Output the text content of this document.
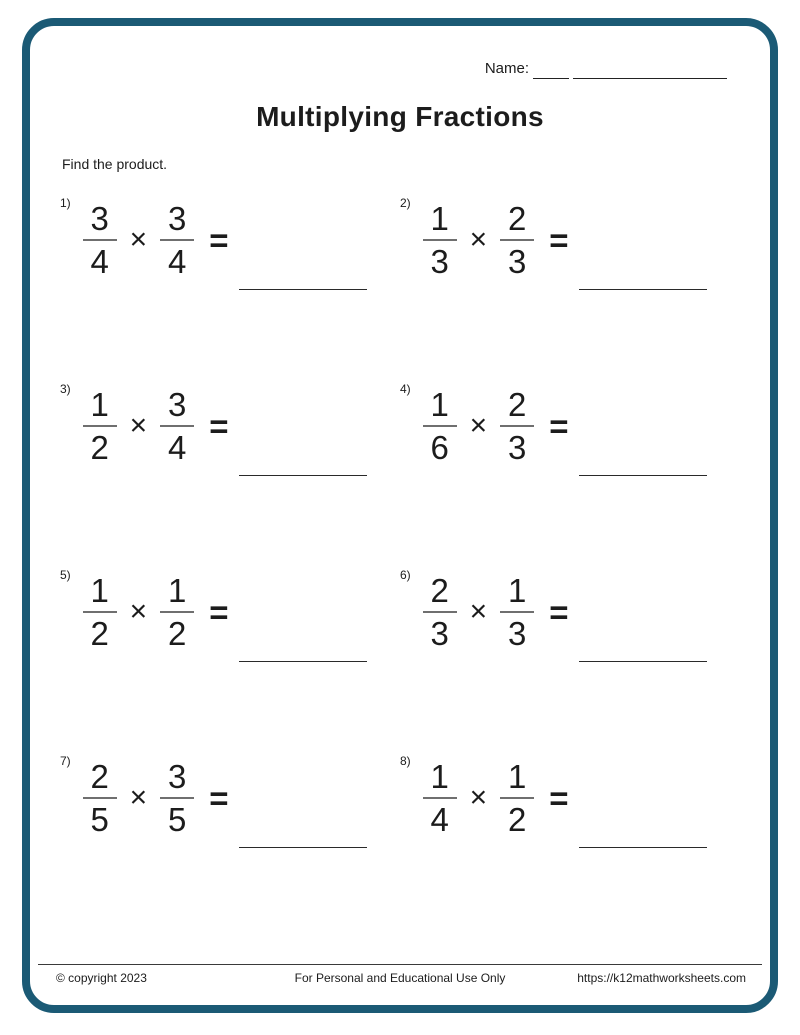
Name:
Multiplying Fractions
Find the product.
$1) \frac{3}{4} \times \frac{3}{4}$ =
$2) \frac{1}{3} \times \frac{2}{3}$ =
$3) \frac{1}{2} \times \frac{3}{4}$ =
$4) \frac{1}{6} \times \frac{2}{3}$ =
$5) \frac{1}{2} \times \frac{1}{2}$ =
$6) \frac{2}{3} \times \frac{1}{3}$ =
$7) \frac{2}{5} \times \frac{3}{5}$ =
$8) \frac{1}{4} \times \frac{1}{2}$ =
© copyright 2023	For Personal and Educational Use Only	https://k12mathworksheets.com
